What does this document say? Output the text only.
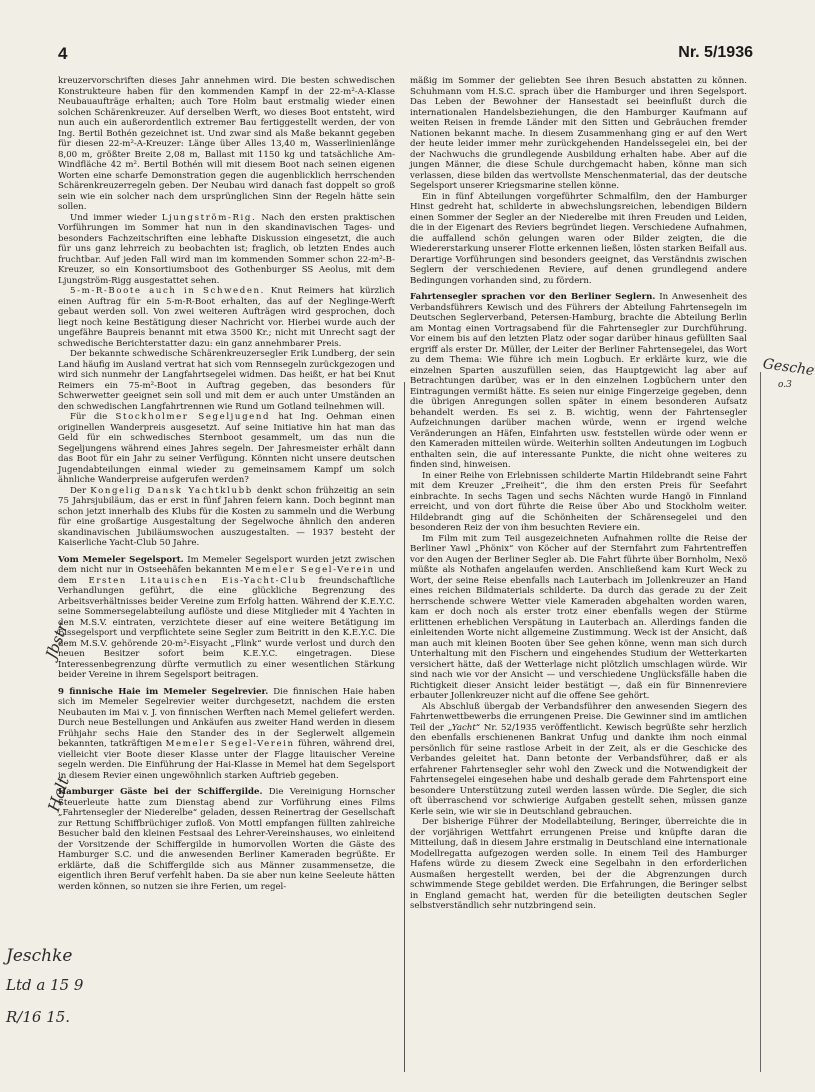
4	Nr. 5/1936

kreuzervorschriften dieses Jahr annehmen wird. Die besten schwedischen Konstrukteure haben für den kommenden Kampf in der 22-m²-A-Klasse Neubauaufträge erhalten; auch Tore Holm baut erstmalig wieder einen solchen Schärenkreuzer. Auf derselben Werft, wo dieses Boot entsteht, wird nun auch ein außerordentlich extremer Bau fertiggestellt werden, der von Ing. Bertil Bothén gezeichnet ist. Und zwar sind als Maße bekannt gegeben für diesen 22-m²-A-Kreuzer: Länge über Alles 13,40 m, Wasserlinienlänge 8,00 m, größter Breite 2,08 m, Ballast mit 1150 kg und tatsächliche Am-Windfläche 42 m². Bertil Bothén will mit diesem Boot nach seinen eigenen Worten eine scharfe Demonstration gegen die augenblicklich herrschenden Schärenkreuzerregeln geben. Der Neubau wird danach fast doppelt so groß sein wie ein solcher nach dem ursprünglichen Sinn der Regeln hätte sein sollen.

Und immer wieder Ljungström-Rig. Nach den ersten praktischen Vorführungen im Sommer hat nun in den skandinavischen Tages- und besonders Fachzeitschriften eine lebhafte Diskussion eingesetzt, die auch für uns ganz lehrreich zu beobachten ist; fraglich, ob letzten Endes auch fruchtbar. Auf jeden Fall wird man im kommenden Sommer schon 22-m²-B-Kreuzer, so ein Konsortiumsboot des Gothenburger SS Aeolus, mit dem Ljungström-Rigg ausgestattet sehen.

5-m-R-Boote auch in Schweden. Knut Reimers hat kürzlich einen Auftrag für ein 5-m-R-Boot erhalten, das auf der Neglinge-Werft gebaut werden soll. Von zwei weiteren Aufträgen wird gesprochen, doch liegt noch keine Bestätigung dieser Nachricht vor. Hierbei wurde auch der ungefähre Baupreis benannt mit etwa 3500 Kr.; nicht mit Unrecht sagt der schwedische Berichterstatter dazu: ein ganz annehmbarer Preis.

Der bekannte schwedische Schärenkreuzersegler Erik Lundberg, der sein Land häufig im Ausland vertrat hat sich vom Rennsegeln zurückgezogen und wird sich nunmehr der Langfahrtsegelei widmen. Das heißt, er hat bei Knut Reimers ein 75-m²-Boot in Auftrag gegeben, das besonders für Schwerwetter geeignet sein soll und mit dem er auch unter Umständen an den schwedischen Langfahrtrennen wie Rund um Gotland teilnehmen will.

Für die Stockholmer Segeljugend hat Ing. Oehman einen originellen Wanderpreis ausgesetzt. Auf seine Initiative hin hat man das Geld für ein schwedisches Sternboot gesammelt, um das nun die Segeljungens während eines Jahres segeln. Der Jahresmeister erhält dann das Boot für ein Jahr zu seiner Verfügung. Könnten nicht unsere deutschen Jugendabteilungen einmal wieder zu gemeinsamem Kampf um solch ähnliche Wanderpreise aufgerufen werden?

Der Kongelig Dansk Yachtklubb denkt schon frühzeitig an sein 75 Jahrsjubiläum, das er erst in fünf Jahren feiern kann. Doch beginnt man schon jetzt innerhalb des Klubs für die Kosten zu sammeln und die Werbung für eine großartige Ausgestaltung der Segelwoche ähnlich den anderen skandinavischen Jubiläumswochen auszugestalten. — 1937 besteht der Kaiserliche Yacht-Club 50 Jahre.

Vom Memeler Segelsport. Im Memeler Segelsport wurden jetzt zwischen dem nicht nur in Ostseehäfen bekannten Memeler Segel-Verein und dem Ersten Litauischen Eis-Yacht-Club freundschaftliche Verhandlungen geführt, die eine glückliche Begrenzung des Arbeitsverhältnisses beider Vereine zum Erfolg hatten. Während der K.E.Y.C. seine Sommersegelabteilung auflöste und diese Mitglieder mit 4 Yachten in den M.S.V. eintraten, verzichtete dieser auf eine weitere Betätigung im Eissegelsport und verpflichtete seine Segler zum Beitritt in den K.E.Y.C. Die dem M.S.V. gehörende 20-m²-Eisyacht „Flink“ wurde verlost und durch den neuen Besitzer sofort beim K.E.Y.C. eingetragen. Diese Interessenbegrenzung dürfte vermutlich zu einer wesentlichen Stärkung beider Vereine in ihrem Segelsport beitragen.

9 finnische Haie im Memeler Segelrevier. Die finnischen Haie haben sich im Memeler Segelrevier weiter durchgesetzt, nachdem die ersten Neubauten im Mai v. J. von finnischen Werften nach Memel geliefert werden. Durch neue Bestellungen und Ankäufen aus zweiter Hand werden in diesem Frühjahr sechs Haie den Stander des in der Seglerwelt allgemein bekannten, tatkräftigen Memeler Segel-Verein führen, während drei, vielleicht vier Boote dieser Klasse unter der Flagge litauischer Vereine segeln werden. Die Einführung der Hai-Klasse in Memel hat dem Segelsport in diesem Revier einen ungewöhnlich starken Auftrieb gegeben.

Hamburger Gäste bei der Schiffergilde. Die Vereinigung Hornscher Steuerleute hatte zum Dienstag abend zur Vorführung eines Films „Fahrtensegler der Niederelbe“ geladen, dessen Reinertrag der Gesellschaft zur Rettung Schiffbrüchiger zufloß. Von Mottl empfangen füllten zahlreiche Besucher bald den kleinen Festsaal des Lehrer-Vereinshauses, wo einleitend der Vorsitzende der Schiffergilde in humorvollen Worten die Gäste des Hamburger S.C. und die anwesenden Berliner Kameraden begrüßte. Er erklärte, daß die Schiffergilde sich aus Männer zusammensetze, die eigentlich ihren Beruf verfehlt haben. Da sie aber nun keine Seeleute hätten werden können, so nutzen sie ihre Ferien, um regel-

mäßig im Sommer der geliebten See ihren Besuch abstatten zu können. Schuhmann vom H.S.C. sprach über die Hamburger und ihren Segelsport. Das Leben der Bewohner der Hansestadt sei beeinflußt durch die internationalen Handelsbeziehungen, die den Hamburger Kaufmann auf weiten Reisen in fremde Länder mit den Sitten und Gebräuchen fremder Nationen bekannt mache. In diesem Zusammenhang ging er auf den Wert der heute leider immer mehr zurückgehenden Handelssegelei ein, bei der der Nachwuchs die grundlegende Ausbildung erhalten habe. Aber auf die jungen Männer, die diese Schule durchgemacht haben, könne man sich verlassen, diese bilden das wertvollste Menschenmaterial, das der deutsche Segelsport unserer Kriegsmarine stellen könne.

Ein in fünf Abteilungen vorgeführter Schmalfilm, den der Hamburger Hinst gedreht hat, schilderte in abwechslungsreichen, lebendigen Bildern einen Sommer der Segler an der Niederelbe mit ihren Freuden und Leiden, die in der Eigenart des Reviers begründet liegen. Verschiedene Aufnahmen, die auffallend schön gelungen waren oder Bilder zeigten, die die Wiedererstarkung unserer Flotte erkennen ließen, lösten starken Beifall aus. Derartige Vorführungen sind besonders geeignet, das Verständnis zwischen Seglern der verschiedenen Reviere, auf denen grundlegend andere Bedingungen vorhanden sind, zu fördern.

Fahrtensegler sprachen vor den Berliner Seglern. In Anwesenheit des Verbandsführers Kewisch und des Führers der Abteilung Fahrtensegeln im Deutschen Seglerverband, Petersen-Hamburg, brachte die Abteilung Berlin am Montag einen Vortragsabend für die Fahrtensegler zur Durchführung. Vor einem bis auf den letzten Platz oder sogar darüber hinaus gefüllten Saal ergriff als erster Dr. Müller, der Leiter der Berliner Fahrtensegelei, das Wort zu dem Thema: Wie führe ich mein Logbuch. Er erklärte kurz, wie die einzelnen Sparten auszufüllen seien, das Hauptgewicht lag aber auf Betrachtungen darüber, was er in den einzelnen Logbüchern unter den Eintragungen vermißt hätte. Es seien nur einige Fingerzeige gegeben, denn die übrigen Anregungen sollen später in einem besonderen Aufsatz behandelt werden. Es sei z. B. wichtig, wenn der Fahrtensegler Aufzeichnungen darüber machen würde, wenn er irgend welche Veränderungen an Häfen, Einfahrten usw. feststellen würde oder wenn er den Kameraden mitteilen würde. Weiterhin sollten Andeutungen im Logbuch enthalten sein, die auf interessante Punkte, die nicht ohne weiteres zu finden sind, hinweisen.

In einer Reihe von Erlebnissen schilderte Martin Hildebrandt seine Fahrt mit dem Kreuzer „Freiheit“, die ihm den ersten Preis für Seefahrt einbrachte. In sechs Tagen und sechs Nächten wurde Hangö in Finnland erreicht, und von dort führte die Reise über Abo und Stockholm weiter. Hildebrandt ging auf die Schönheiten der Schärensegelei und den besonderen Reiz der von ihm besuchten Reviere ein.

Im Film mit zum Teil ausgezeichneten Aufnahmen rollte die Reise der Berliner Yawl „Phönix“ von Köcher auf der Sternfahrt zum Fahrtentreffen vor den Augen der Berliner Segler ab. Die Fahrt führte über Bornholm, Nexö müßte als Nothafen angelaufen werden. Anschließend kam Kurt Weck zu Wort, der seine Reise ebenfalls nach Lauterbach im Jollenkreuzer an Hand eines reichen Bildmaterials schilderte. Da durch das gerade zu der Zeit herrschende schwere Wetter viele Kameraden abgehalten worden waren, kam er doch noch als erster trotz einer ebenfalls wegen der Stürme erlittenen erheblichen Verspätung in Lauterbach an. Allerdings fanden die einleitenden Worte nicht allgemeine Zustimmung. Weck ist der Ansicht, daß man auch mit kleinen Booten über See gehen könne, wenn man sich durch Unterhaltung mit den Fischern und eingehendes Studium der Wetterkarten versichert hätte, daß der Wetterlage nicht plötzlich umschlagen würde. Wir sind nach wie vor der Ansicht — und verschiedene Unglücksfälle haben die Richtigkeit dieser Ansicht leider bestätigt —, daß ein für Binnenreviere erbauter Jollenkreuzer nicht auf die offene See gehört.

Als Abschluß übergab der Verbandsführer den anwesenden Siegern des Fahrtenwettbewerbs die errungenen Preise. Die Gewinner sind im amtlichen Teil der „Yacht“ Nr. 52/1935 veröffentlicht. Kewisch begrüßte sehr herzlich den ebenfalls erschienenen Bankrat Unfug und dankte ihm noch einmal persönlich für seine rastlose Arbeit in der Zeit, als er die Geschicke des Verbandes geleitet hat. Dann betonte der Verbandsführer, daß er als erfahrener Fahrtensegler sehr wohl den Zweck und die Notwendigkeit der Fahrtensegelei eingesehen habe und deshalb gerade dem Fahrtensport eine besondere Unterstützung zuteil werden lassen würde. Die Segler, die sich oft überraschend vor schwierige Aufgaben gestellt sehen, müssen ganze Kerle sein, wie wir sie in Deutschland gebrauchen.

Der bisherige Führer der Modellabteilung, Beringer, überreichte die in der vorjährigen Wettfahrt errungenen Preise und knüpfte daran die Mitteilung, daß in diesem Jahre erstmalig in Deutschland eine internationale Modellregatta aufgezogen werden solle. In einem Teil des Hamburger Hafens würde zu diesem Zweck eine Segelbahn in den erforderlichen Ausmaßen hergestellt werden, bei der die Abgrenzungen durch schwimmende Stege gebildet werden. Die Erfahrungen, die Beringer selbst in England gemacht hat, werden für die beteiligten deutschen Segler selbstverständlich sehr nutzbringend sein.

Jbstr
Halt
Jeschke
Ltd a 15 9
R/16 15.
Gesche
o.3
